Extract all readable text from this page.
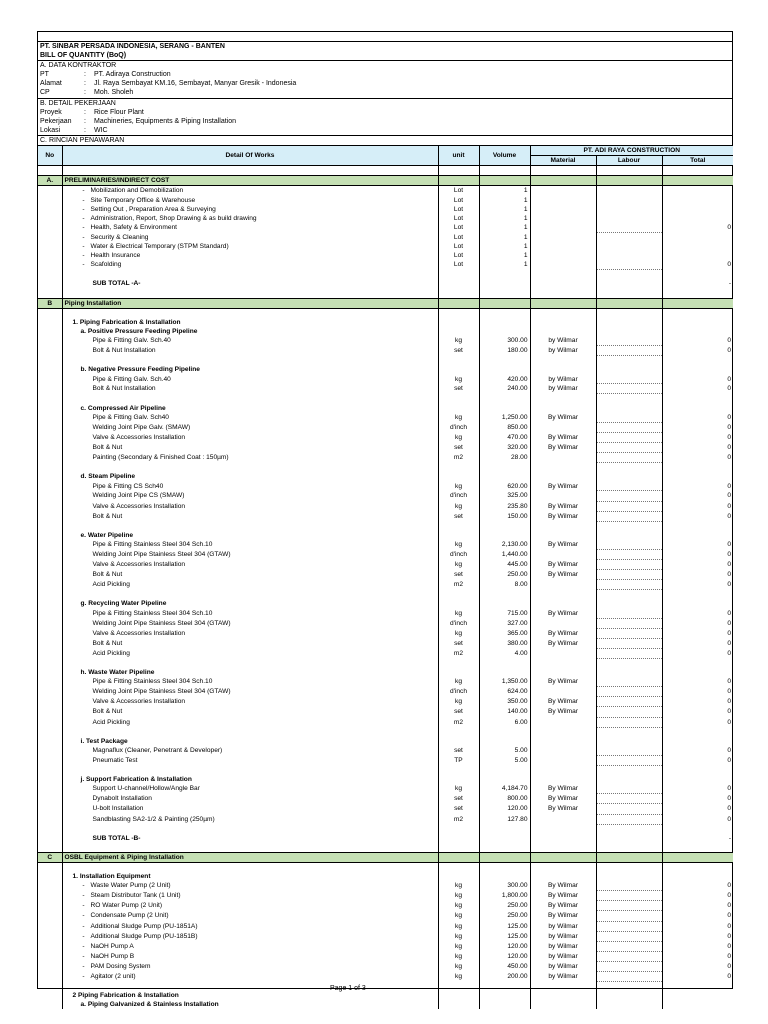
PT. SINBAR PERSADA INDONESIA, SERANG - BANTEN
BILL OF QUANTITY (BoQ)
A. DATA KONTRAKTOR
PT	: PT. Adiraya Construction
Alamat	: Jl. Raya Sembayat KM.16, Sembayat, Manyar Gresik - Indonesia
CP	: Moh. Sholeh
B. DETAIL PEKERJAAN
Proyek	: Rice Flour Plant
Pekerjaan : Machineries, Equipments & Piping Installation
Lokasi	: WIC
C. RINCIAN PENAWARAN
No	Detail Of Works	unit	Volume	PT. ADI RAYA CONSTRUCTION		
				Material	Labour	Total

A.	PRELIMINARIES/INDIRECT COST					
	- Mobilization and Demobilization	Lot	1			
	- Site Temporary Office & Warehouse	Lot	1			
	- Setting Out , Preparation Area & Surveying	Lot	1			
	- Administration, Report, Shop Drawing & as build drawing	Lot	1			
	- Health, Safety & Environment	Lot	1			0
	- Security & Cleaning	Lot	1			
	- Water & Electrical Temporary (STPM Standard)	Lot	1			
	- Health Insurance	Lot	1			
	- Scafolding	Lot	1			0

	SUB TOTAL -A-					-

B	Piping Installation					

	1. Piping Fabrication & Installation					
	a. Positive Pressure Feeding Pipeline					
	Pipe & Fitting Galv. Sch.40	kg	300.00	by Wilmar		0
	Bolt & Nut Installation	set	180.00	by Wilmar		0

	b. Negative Pressure Feeding Pipeline					
	Pipe & Fitting Galv. Sch.40	kg	420.00	by Wilmar		0
	Bolt & Nut Installation	set	240.00	by Wilmar		0

	c. Compressed Air Pipeline					
	Pipe & Fitting Galv. Sch40	kg	1,250.00	By Wilmar		0
	Welding Joint Pipe Galv. (SMAW)	d'inch	850.00			0
	Valve & Accessories Installation	kg	470.00	By Wilmar		0
	Bolt & Nut	set	320.00	By Wilmar		0
	Painting (Secondary & Finished Coat : 150µm)	m2	28.00			0

	d. Steam Pipeline					
	Pipe & Fitting CS Sch40	kg	620.00	By Wilmar		0
	Welding Joint Pipe CS (SMAW)	d'inch	325.00			0
	Valve & Accessories Installation	kg	235.80	By Wilmar		0
	Bolt & Nut	set	150.00	By Wilmar		0

	e. Water Pipeline					
	Pipe & Fitting Stainless Steel 304 Sch.10	kg	2,130.00	By Wilmar		0
	Welding Joint Pipe Stainless Steel 304 (GTAW)	d'inch	1,440.00			0
	Valve & Accessories Installation	kg	445.00	By Wilmar		0
	Bolt & Nut	set	250.00	By Wilmar		0
	Acid Pickling	m2	8.00			0

	g. Recycling Water Pipeline					
	Pipe & Fitting Stainless Steel 304 Sch.10	kg	715.00	By Wilmar		0
	Welding Joint Pipe Stainless Steel 304 (GTAW)	d'inch	327.00			0
	Valve & Accessories Installation	kg	365.00	By Wilmar		0
	Bolt & Nut	set	380.00	By Wilmar		0
	Acid Pickling	m2	4.00			0

	h. Waste Water Pipeline					
	Pipe & Fitting Stainless Steel 304 Sch.10	kg	1,350.00	By Wilmar		0
	Welding Joint Pipe Stainless Steel 304 (GTAW)	d'inch	624.00			0
	Valve & Accessories Installation	kg	350.00	By Wilmar		0
	Bolt & Nut	set	140.00	By Wilmar		0
	Acid Pickling	m2	6.00			0

	i. Test Package					
	Magnaflux (Cleaner, Penetrant & Developer)	set	5.00			0
	Pneumatic Test	TP	5.00			0

	j. Support Fabrication & Installation					
	Support U-channel/Hollow/Angle Bar	kg	4,184.70	By Wilmar		0
	Dynabolt Installation	set	800.00	By Wilmar		0
	U-bolt Installation	set	120.00	By Wilmar		0
	Sandblasting SA2-1/2 & Painting (250µm)	m2	127.80			0

	SUB TOTAL -B-					-

C	OSBL Equipment & Piping Installation					

	1. Installation Equipment					
	- Waste Water Pump (2 Unit)	kg	300.00	By Wilmar		0
	- Steam Distributor Tank (1 Unit)	kg	1,800.00	By Wilmar		0
	- RO Water Pump (2 Unit)	kg	250.00	By Wilmar		0
	- Condensate Pump (2 Unit)	kg	250.00	By Wilmar		0
	- Additional Sludge Pump (PU-1851A)	kg	125.00	by Wilmar		0
	- Additional Sludge Pump (PU-1851B)	kg	125.00	by Wilmar		0
	- NaOH Pump A	kg	120.00	by Wilmar		0
	- NaOH Pump B	kg	120.00	by Wilmar		0
	- PAM Dosing System	kg	450.00	by Wilmar		0
	- Agitator (2 unit)	kg	200.00	by Wilmar		0

	2 Piping Fabrication & Installation					
	a. Piping Galvanized & Stainless Installation					
Page 1 of 3
